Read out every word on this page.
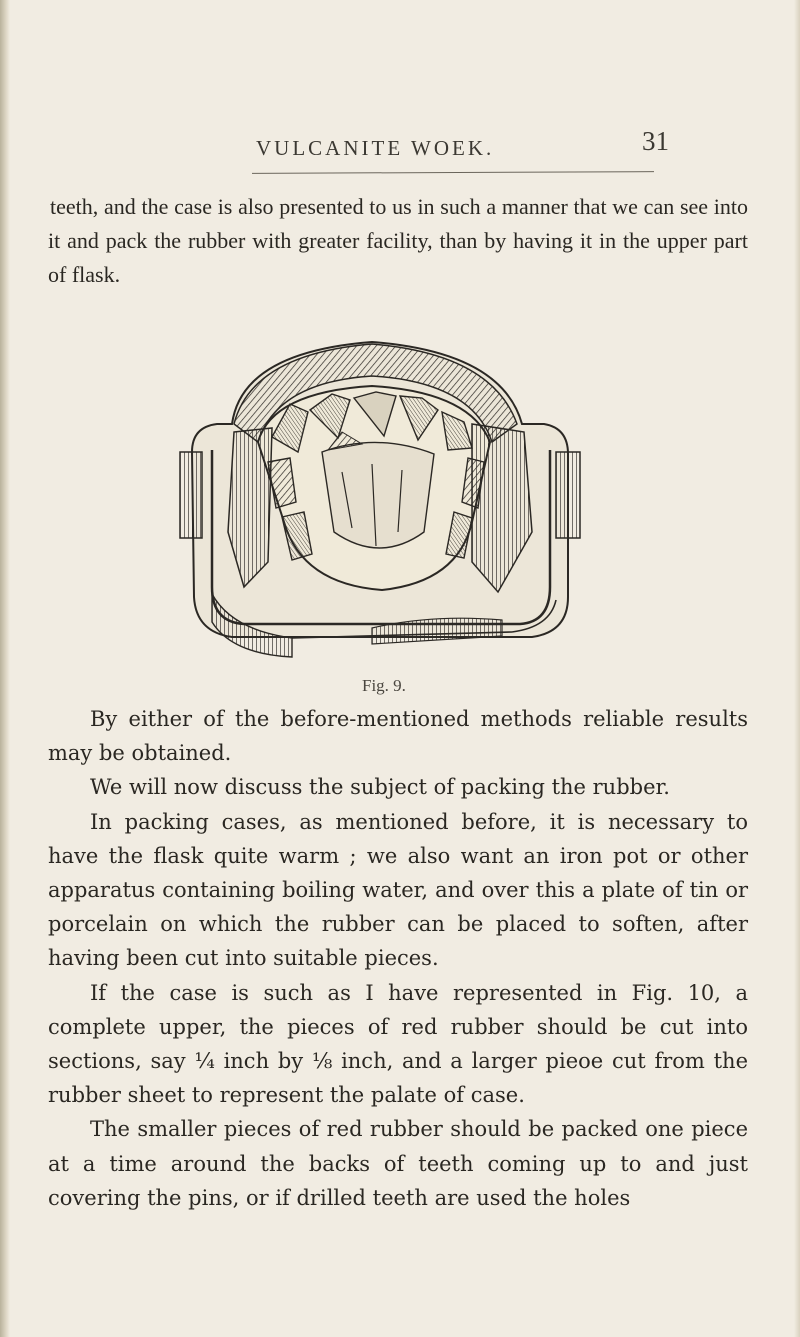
VULCANITE WOEK.	31

teeth, and the case is also presented to us in such a manner that we can see into it and pack the rubber with greater facility, than by having it in the upper part of flask.

Fig. 9.

By either of the before-mentioned methods reliable results may be obtained.

We will now discuss the subject of packing the rubber.

In packing cases, as mentioned before, it is necessary to have the flask quite warm ; we also want an iron pot or other apparatus containing boiling water, and over this a plate of tin or porcelain on which the rubber can be placed to soften, after having been cut into suitable pieces.

If the case is such as I have represented in Fig. 10, a complete upper, the pieces of red rubber should be cut into sections, say ¼ inch by ⅛ inch, and a larger pieoe cut from the rubber sheet to represent the palate of case.

The smaller pieces of red rubber should be packed one piece at a time around the backs of teeth coming up to and just covering the pins, or if drilled teeth are used the holes
